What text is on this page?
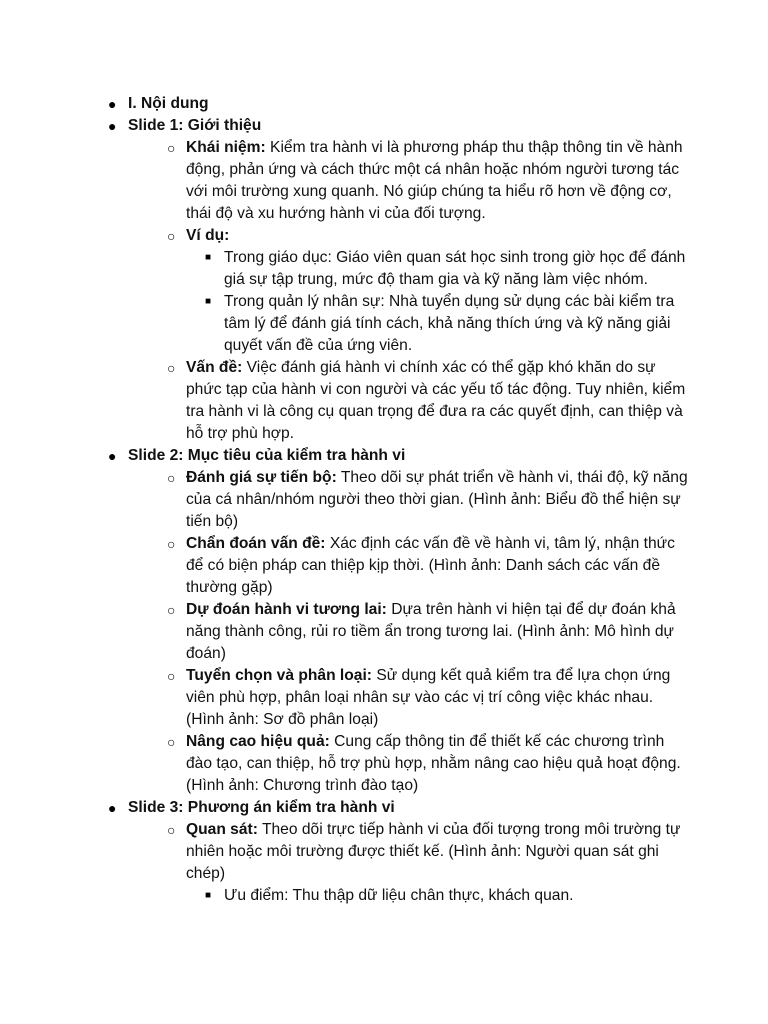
● I. Nội dung
● Slide 1: Giới thiệu
○ Khái niệm: Kiểm tra hành vi là phương pháp thu thập thông tin về hành động, phản ứng và cách thức một cá nhân hoặc nhóm người tương tác với môi trường xung quanh. Nó giúp chúng ta hiểu rõ hơn về động cơ, thái độ và xu hướng hành vi của đối tượng.
○ Ví dụ:
■ Trong giáo dục: Giáo viên quan sát học sinh trong giờ học để đánh giá sự tập trung, mức độ tham gia và kỹ năng làm việc nhóm.
■ Trong quản lý nhân sự: Nhà tuyển dụng sử dụng các bài kiểm tra tâm lý để đánh giá tính cách, khả năng thích ứng và kỹ năng giải quyết vấn đề của ứng viên.
○ Vấn đề: Việc đánh giá hành vi chính xác có thể gặp khó khăn do sự phức tạp của hành vi con người và các yếu tố tác động. Tuy nhiên, kiểm tra hành vi là công cụ quan trọng để đưa ra các quyết định, can thiệp và hỗ trợ phù hợp.
● Slide 2: Mục tiêu của kiểm tra hành vi
○ Đánh giá sự tiến bộ: Theo dõi sự phát triển về hành vi, thái độ, kỹ năng của cá nhân/nhóm người theo thời gian. (Hình ảnh: Biểu đồ thể hiện sự tiến bộ)
○ Chẩn đoán vấn đề: Xác định các vấn đề về hành vi, tâm lý, nhận thức để có biện pháp can thiệp kịp thời. (Hình ảnh: Danh sách các vấn đề thường gặp)
○ Dự đoán hành vi tương lai: Dựa trên hành vi hiện tại để dự đoán khả năng thành công, rủi ro tiềm ẩn trong tương lai. (Hình ảnh: Mô hình dự đoán)
○ Tuyển chọn và phân loại: Sử dụng kết quả kiểm tra để lựa chọn ứng viên phù hợp, phân loại nhân sự vào các vị trí công việc khác nhau. (Hình ảnh: Sơ đồ phân loại)
○ Nâng cao hiệu quả: Cung cấp thông tin để thiết kế các chương trình đào tạo, can thiệp, hỗ trợ phù hợp, nhằm nâng cao hiệu quả hoạt động. (Hình ảnh: Chương trình đào tạo)
● Slide 3: Phương án kiểm tra hành vi
○ Quan sát: Theo dõi trực tiếp hành vi của đối tượng trong môi trường tự nhiên hoặc môi trường được thiết kế. (Hình ảnh: Người quan sát ghi chép)
■ Ưu điểm: Thu thập dữ liệu chân thực, khách quan.
